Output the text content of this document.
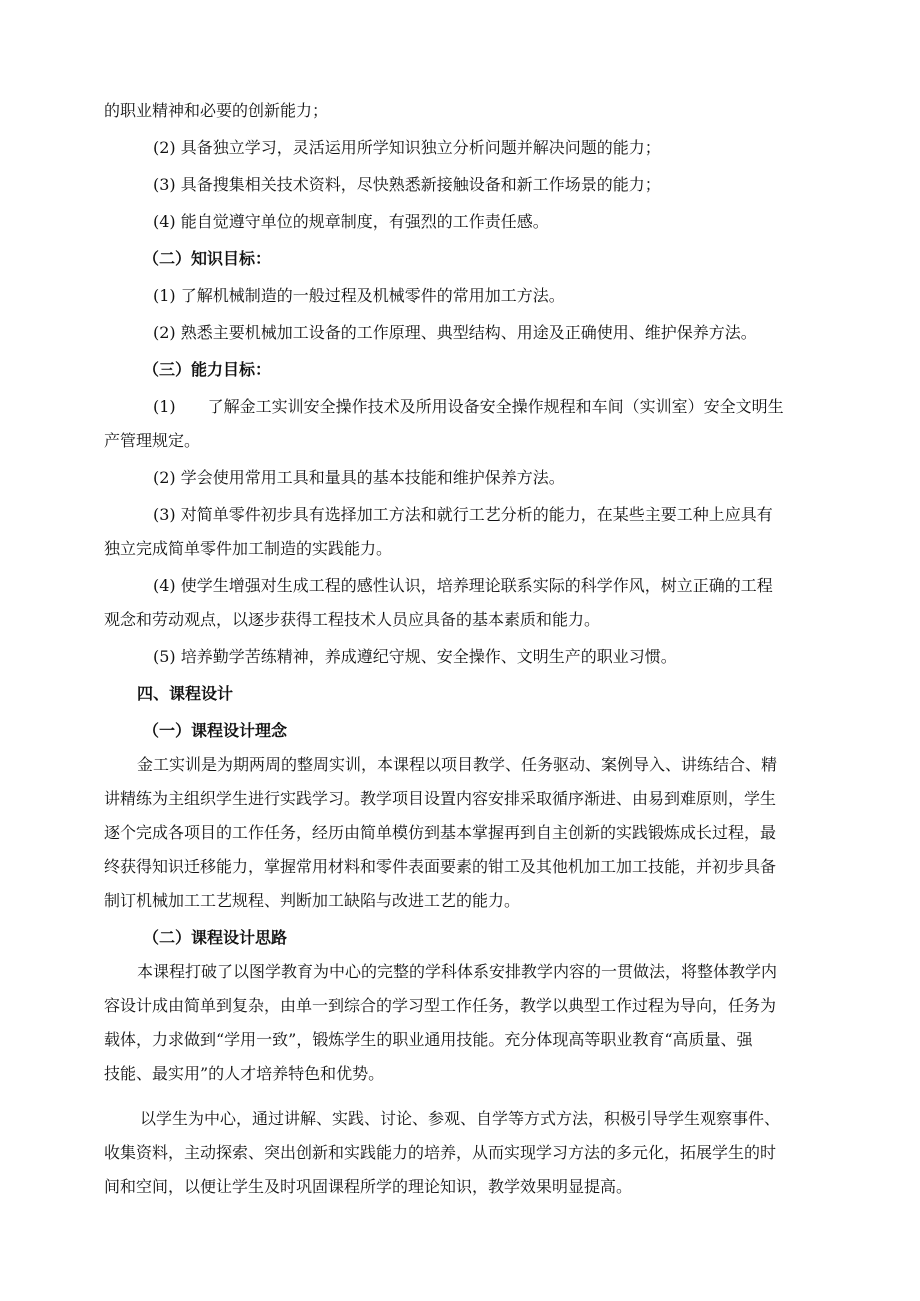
的职业精神和必要的创新能力；
(2) 具备独立学习，灵活运用所学知识独立分析问题并解决问题的能力；
(3) 具备搜集相关技术资料，尽快熟悉新接触设备和新工作场景的能力；
(4) 能自觉遵守单位的规章制度，有强烈的工作责任感。
（二）知识目标：
(1) 了解机械制造的一般过程及机械零件的常用加工方法。
(2) 熟悉主要机械加工设备的工作原理、典型结构、用途及正确使用、维护保养方法。
（三）能力目标：
(1)　　了解金工实训安全操作技术及所用设备安全操作规程和车间（实训室）安全文明生
产管理规定。
(2) 学会使用常用工具和量具的基本技能和维护保养方法。
(3) 对简单零件初步具有选择加工方法和就行工艺分析的能力，在某些主要工种上应具有
独立完成简单零件加工制造的实践能力。
(4) 使学生增强对生成工程的感性认识，培养理论联系实际的科学作风，树立正确的工程
观念和劳动观点，以逐步获得工程技术人员应具备的基本素质和能力。
(5) 培养勤学苦练精神，养成遵纪守规、安全操作、文明生产的职业习惯。
四、课程设计
（一）课程设计理念
金工实训是为期两周的整周实训，本课程以项目教学、任务驱动、案例导入、讲练结合、精
讲精练为主组织学生进行实践学习。教学项目设置内容安排采取循序渐进、由易到难原则，学生
逐个完成各项目的工作任务，经历由简单模仿到基本掌握再到自主创新的实践锻炼成长过程，最
终获得知识迁移能力，掌握常用材料和零件表面要素的钳工及其他机加工加工技能，并初步具备
制订机械加工工艺规程、判断加工缺陷与改进工艺的能力。
（二）课程设计思路
本课程打破了以图学教育为中心的完整的学科体系安排教学内容的一贯做法，将整体教学内
容设计成由简单到复杂，由单一到综合的学习型工作任务，教学以典型工作过程为导向，任务为
载体，力求做到“学用一致”，锻炼学生的职业通用技能。充分体现高等职业教育“高质量、强
技能、最实用”的人才培养特色和优势。
以学生为中心，通过讲解、实践、讨论、参观、自学等方式方法，积极引导学生观察事件、
收集资料，主动探索、突出创新和实践能力的培养，从而实现学习方法的多元化，拓展学生的时
间和空间，以便让学生及时巩固课程所学的理论知识，教学效果明显提高。
